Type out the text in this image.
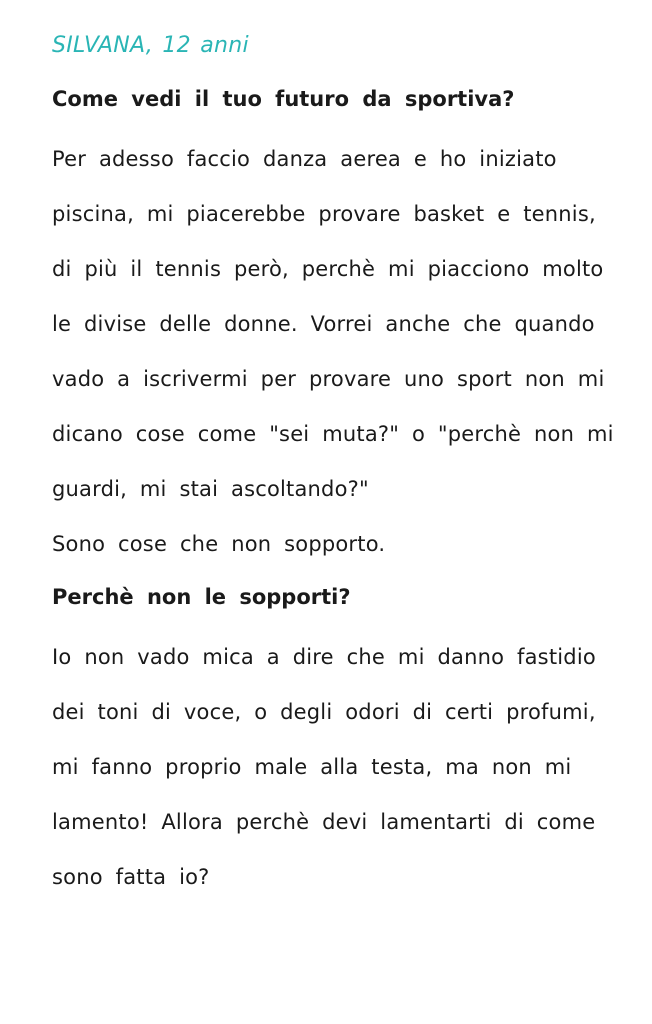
SILVANA, 12 anni

Come vedi il tuo futuro da sportiva?

Per adesso faccio danza aerea e ho iniziato piscina, mi piacerebbe provare basket e tennis, di più il tennis però, perchè mi piacciono molto le divise delle donne. Vorrei anche che quando vado a iscrivermi per provare uno sport non mi dicano cose come "sei muta?" o "perchè non mi guardi, mi stai ascoltando?"

Sono cose che non sopporto.

Perchè non le sopporti?

Io non vado mica a dire che mi danno fastidio dei toni di voce, o degli odori di certi profumi, mi fanno proprio male alla testa, ma non mi lamento! Allora perchè devi lamentarti di come sono fatta io?
